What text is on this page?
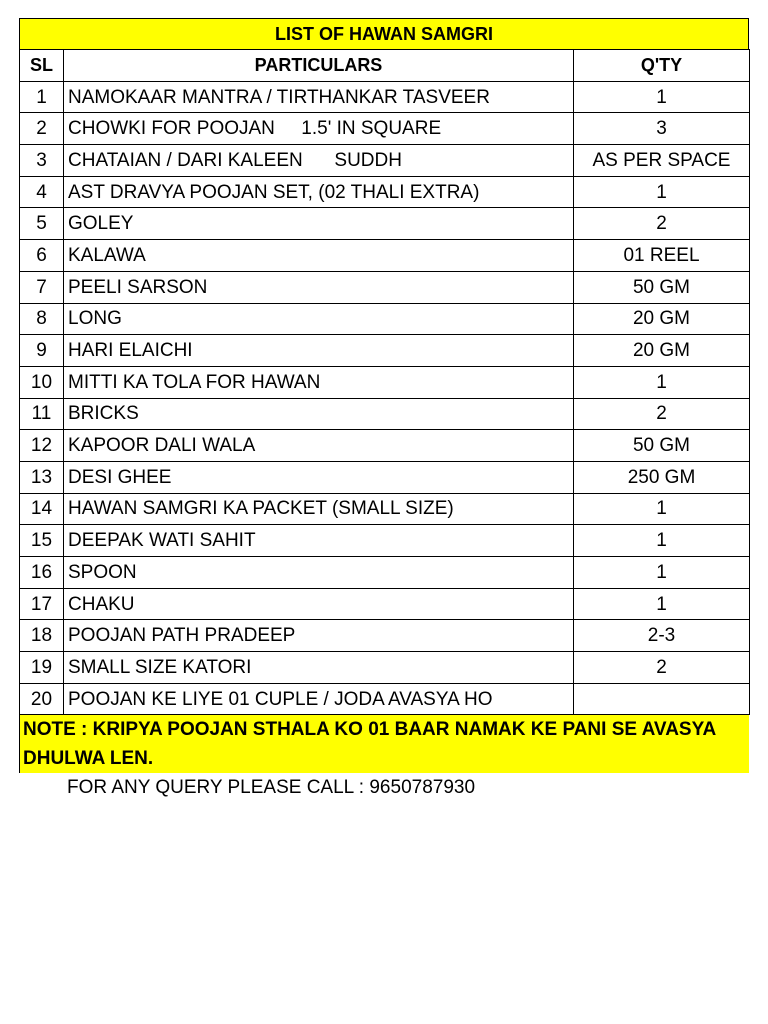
LIST OF HAWAN SAMGRI
SL	PARTICULARS	Q'TY
1	NAMOKAAR MANTRA / TIRTHANKAR TASVEER	1
2	CHOWKI FOR POOJAN     1.5' IN SQUARE	3
3	CHATAIAN / DARI KALEEN      SUDDH	AS PER SPACE
4	AST DRAVYA POOJAN SET, (02 THALI EXTRA)	1
5	GOLEY	2
6	KALAWA	01 REEL
7	PEELI SARSON	50 GM
8	LONG	20 GM
9	HARI ELAICHI	20 GM
10	MITTI KA TOLA FOR HAWAN	1
11	BRICKS	2
12	KAPOOR DALI WALA	50 GM
13	DESI GHEE	250 GM
14	HAWAN SAMGRI KA PACKET (SMALL SIZE)	1
15	DEEPAK WATI SAHIT	1
16	SPOON	1
17	CHAKU	1
18	POOJAN PATH PRADEEP	2-3
19	SMALL SIZE KATORI	2
20	POOJAN KE LIYE 01 CUPLE / JODA AVASYA HO	
NOTE : KRIPYA POOJAN STHALA KO 01 BAAR NAMAK KE PANI SE AVASYA DHULWA LEN.
FOR ANY QUERY PLEASE CALL : 9650787930
